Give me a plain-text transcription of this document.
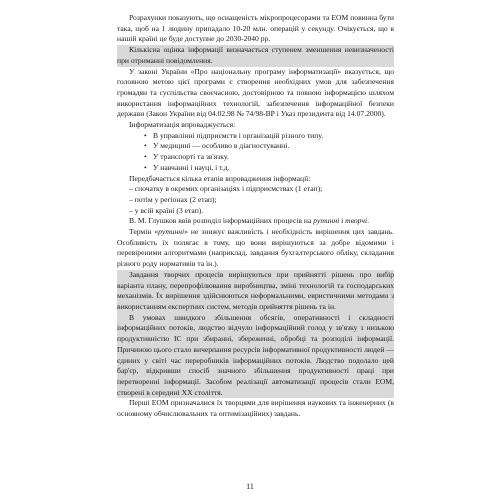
Розрахунки показують, що оснащеність мікропроцесорами та ЕОМ повинна бути така, щоб на 1 людину припадало 10-20 млн. операцій у секунду. Очікується, що в нашій країні це буде доступне до 2030-2040 рр.

Кількісна оцінка інформації визначається ступенем зменшення невизначеності при отриманні повідомлення.

У законі України «Про національну програму інформатизації» вказується, що головною метою цієї програми є створення необхідних умов для забезпечення громадян та суспільства своєчасною, достовірною та повною інформацією шляхом використання інформаційних технологій, забезпечення інформаційної безпеки держави (Закон України від 04.02.98 № 74/98-ВР і Указ президента від 14.07.2000).

Інформатизація впроваджується:

• В управлінні підприємств і організацій різного типу.
• У медицині — особливо в діагностуванні.
• У транспорті та зв'язку.
• У навчанні і науці, і т.д.

Передбачається кілька етапів впровадження інформації:

– спочатку в окремих організаціях і підприємствах (1 етап);
– потім у регіонах (2 етап);
– у всій країні (3 етап).

В. М. Глушков ввів розподіл інформаційних процесів на рутинні і творчі.

Термін «рутинні» не знижує важливість і необхідність вирішення цих завдань. Особливість їх полягає в тому, що вони вирішуються за добре відомими і перевіреними алгоритмами (наприклад, завдання бухгалтерського обліку, складання різного роду нормативів та ін.).

Завдання творчих процесів вирішуються при прийнятті рішень про вибір варіанта плану, перепрофілювання виробництва, зміні технологій та господарських механізмів. Їх вирішення здійснюються неформальними, евристичними методами з використанням експертних систем, методів прийняття рішень та ін.

В умовах швидкого збільшення обсягів, оперативності і складності інформаційних потоків, людство відчуло інформаційний голод у зв'язку з низькою продуктивністю ІС при збиранні, збереженні, обробці та розподілі інформації. Причиною цього стало вичерпання ресурсів інформативної продуктивності людей — єдиних у світі час переробників інформаційних потоків. Людство подолало цей бар'єр, відкривши спосіб значного збільшення продуктивності праці при перетворенні інформації. Засобом реалізації автоматизації процесів стали ЕОМ, створені в середині XX століття.

Перші ЕОМ призначалися їх творцями для вирішення наукових та інженерних (в основному обчислювальних та оптимізаційних) завдань.

11
